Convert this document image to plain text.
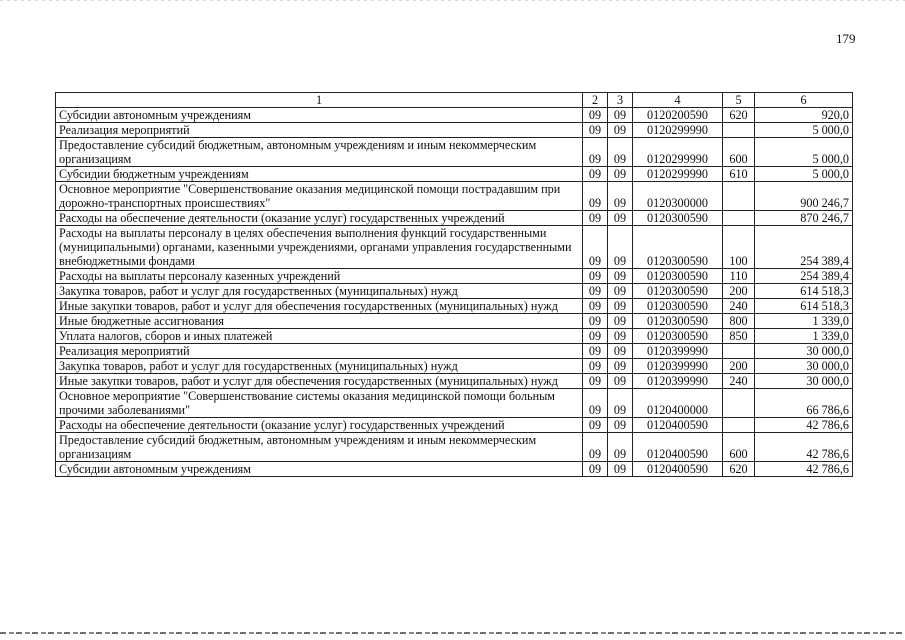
179
1	2	3	4	5	6
Субсидии автономным учреждениям	09	09	0120200590	620	920,0
Реализация мероприятий	09	09	0120299990		5 000,0
Предоставление субсидий бюджетным, автономным учреждениям и иным некоммерческим организациям	09	09	0120299990	600	5 000,0
Субсидии бюджетным учреждениям	09	09	0120299990	610	5 000,0
Основное мероприятие "Совершенствование оказания медицинской помощи пострадавшим при дорожно-транспортных происшествиях"	09	09	0120300000		900 246,7
Расходы на обеспечение деятельности (оказание услуг) государственных учреждений	09	09	0120300590		870 246,7
Расходы на выплаты персоналу в целях обеспечения выполнения функций государственными (муниципальными) органами, казенными учреждениями, органами управления государственными внебюджетными фондами	09	09	0120300590	100	254 389,4
Расходы на выплаты персоналу казенных учреждений	09	09	0120300590	110	254 389,4
Закупка товаров, работ и услуг для государственных (муниципальных) нужд	09	09	0120300590	200	614 518,3
Иные закупки товаров, работ и услуг для обеспечения государственных (муниципальных) нужд	09	09	0120300590	240	614 518,3
Иные бюджетные ассигнования	09	09	0120300590	800	1 339,0
Уплата налогов, сборов и иных платежей	09	09	0120300590	850	1 339,0
Реализация мероприятий	09	09	0120399990		30 000,0
Закупка товаров, работ и услуг для государственных (муниципальных) нужд	09	09	0120399990	200	30 000,0
Иные закупки товаров, работ и услуг для обеспечения государственных (муниципальных) нужд	09	09	0120399990	240	30 000,0
Основное мероприятие "Совершенствование системы оказания медицинской помощи больным прочими заболеваниями"	09	09	0120400000		66 786,6
Расходы на обеспечение деятельности (оказание услуг) государственных учреждений	09	09	0120400590		42 786,6
Предоставление субсидий бюджетным, автономным учреждениям и иным некоммерческим организациям	09	09	0120400590	600	42 786,6
Субсидии автономным учреждениям	09	09	0120400590	620	42 786,6
